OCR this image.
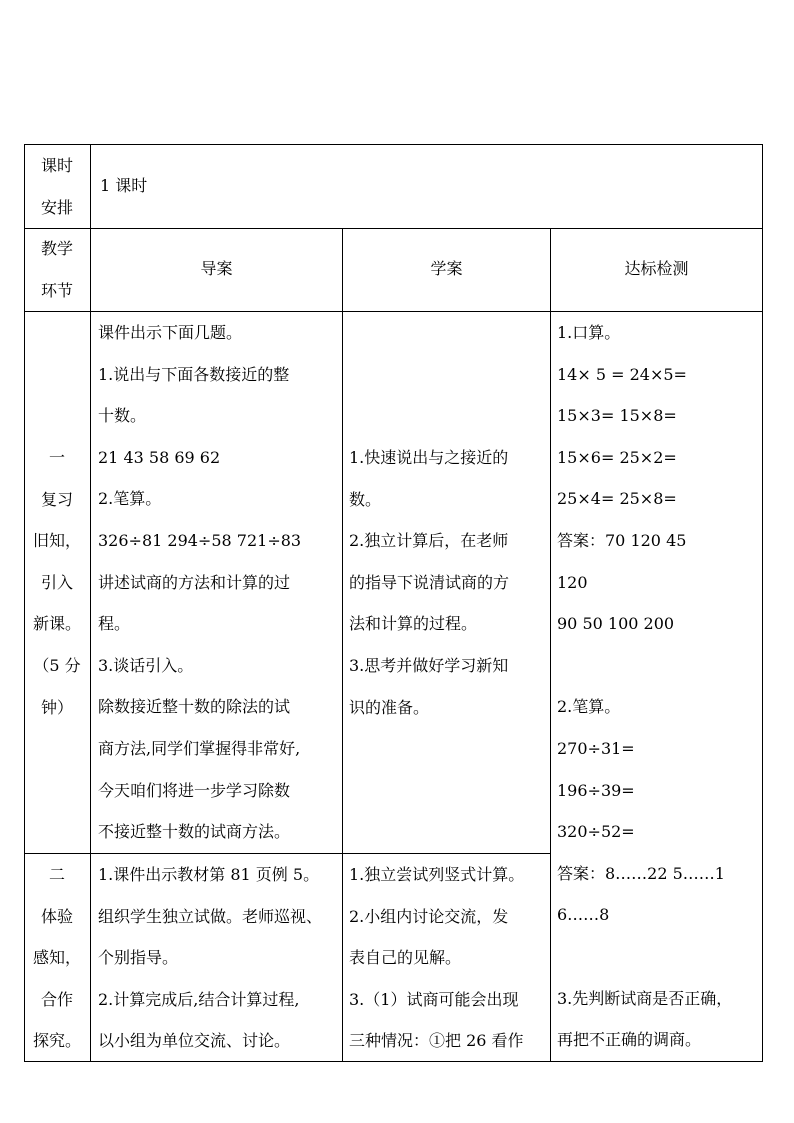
课时
安排
1 课时
教学
环节
导案	学案	达标检测
一
复习
旧知，
引入
新课。
（5 分
钟）
课件出示下面几题。
1.说出与下面各数接近的整
十数。
21 43 58 69 62
2.笔算。
326÷81 294÷58 721÷83
讲述试商的方法和计算的过
程。
3.谈话引入。
除数接近整十数的除法的试
商方法,同学们掌握得非常好,
今天咱们将进一步学习除数
不接近整十数的试商方法。
1.快速说出与之接近的
数。
2.独立计算后，在老师
的指导下说清试商的方
法和计算的过程。
3.思考并做好学习新知
识的准备。
1.口算。
14× 5 = 24×5=
15×3= 15×8=
15×6= 25×2=
25×4= 25×8=
答案：70 120 45
120
90 50 100 200
2.笔算。
270÷31=
196÷39=
320÷52=
答案：8……22 5……1
6……8
3.先判断试商是否正确，
再把不正确的调商。
二
体验
感知，
合作
探究。
1.课件出示教材第 81 页例 5。
组织学生独立试做。老师巡视、
个别指导。
2.计算完成后,结合计算过程,
以小组为单位交流、讨论。
1.独立尝试列竖式计算。
2.小组内讨论交流，发
表自己的见解。
3.（1）试商可能会出现
三种情况：①把 26 看作
